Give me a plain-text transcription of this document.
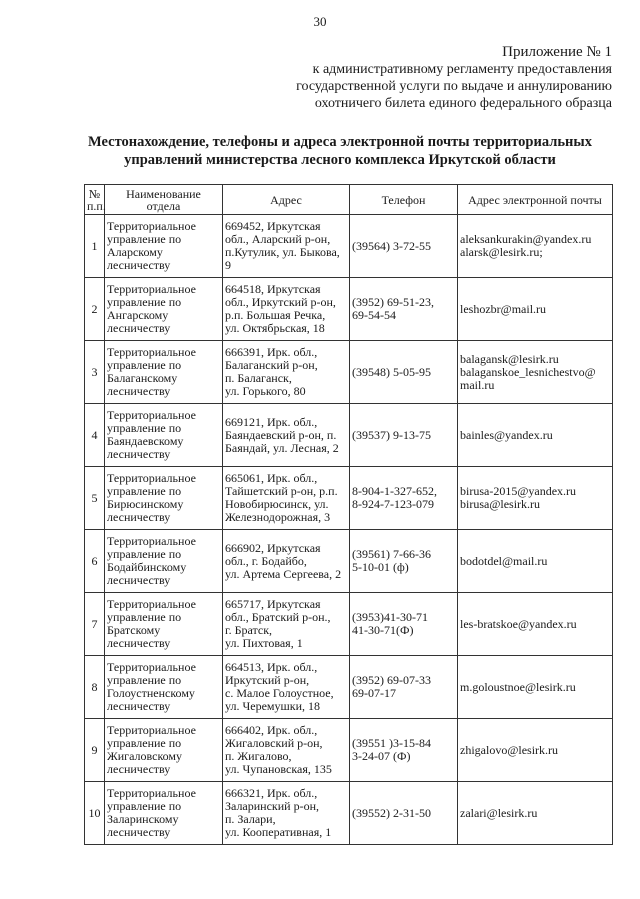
30
Приложение № 1
к административному регламенту предоставления
государственной услуги по выдаче и аннулированию
охотничего билета единого федерального образца
Местонахождение, телефоны и адреса электронной почты территориальных
управлений министерства лесного комплекса Иркутской области
№
п.п.	Наименование
отдела	Адрес	Телефон	Адрес электронной почты
1	Территориальное
управление по
Аларскому
лесничеству	669452, Иркутская
обл., Аларский р-он,
п.Кутулик, ул. Быкова,
9	(39564) 3-72-55	aleksankurakin@yandex.ru
alarsk@lesirk.ru;
2	Территориальное
управление по
Ангарскому
лесничеству	664518, Иркутская
обл., Иркутский р-он,
р.п. Большая Речка,
ул. Октябрьская, 18	(3952) 69-51-23,
69-54-54	leshozbr@mail.ru
3	Территориальное
управление по
Балаганскому
лесничеству	666391, Ирк. обл.,
Балаганский р-он,
п. Балаганск,
ул. Горького, 80	(39548) 5-05-95	balagansk@lesirk.ru
balaganskoe_lesnichestvo@
mail.ru
4	Территориальное
управление по
Баяндаевскому
лесничеству	669121, Ирк. обл.,
Баяндаевский р-он, п.
Баяндай, ул. Лесная, 2	(39537) 9-13-75	bainles@yandex.ru
5	Территориальное
управление по
Бирюсинскому
лесничеству	665061, Ирк. обл.,
Тайшетский р-он, р.п.
Новобирюсинск, ул.
Железнодорожная, 3	8-904-1-327-652,
8-924-7-123-079	birusa-2015@yandex.ru
birusa@lesirk.ru
6	Территориальное
управление по
Бодайбинскому
лесничеству	666902, Иркутская
обл., г. Бодайбо,
ул. Артема Сергеева, 2	(39561) 7-66-36
5-10-01 (ф)	bodotdel@mail.ru
7	Территориальное
управление по
Братскому
лесничеству	665717, Иркутская
обл., Братский р-он.,
г. Братск,
ул. Пихтовая, 1	(3953)41-30-71
41-30-71(Ф)	les-bratskoe@yandex.ru
8	Территориальное
управление по
Голоустненскому
лесничеству	664513, Ирк. обл.,
Иркутский р-он,
с. Малое Голоустное,
ул. Черемушки, 18	(3952) 69-07-33
69-07-17	m.goloustnoe@lesirk.ru
9	Территориальное
управление по
Жигаловскому
лесничеству	666402, Ирк. обл.,
Жигаловский р-он,
п. Жигалово,
ул. Чупановская, 135	(39551 )3-15-84
3-24-07 (Ф)	zhigalovo@lesirk.ru
10	Территориальное
управление по
Заларинскому
лесничеству	666321, Ирк. обл.,
Заларинский р-он,
п. Залари,
ул. Кооперативная, 1	(39552) 2-31-50	zalari@lesirk.ru
